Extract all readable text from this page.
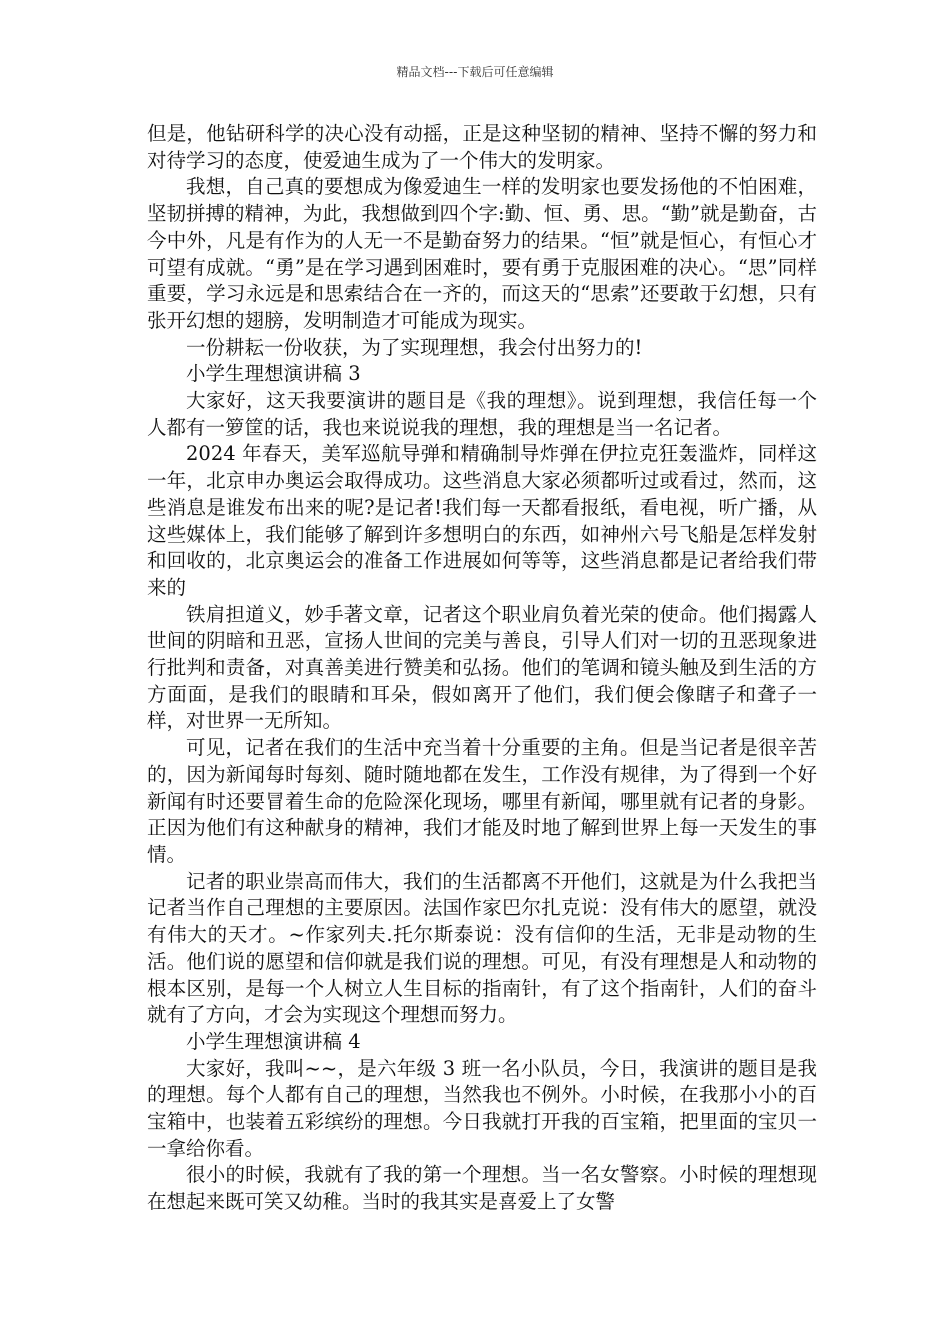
精品文档---下载后可任意编辑

但是，他钻研科学的决心没有动摇，正是这种坚韧的精神、坚持不懈的努力和对待学习的态度，使爱迪生成为了一个伟大的发明家。

我想，自己真的要想成为像爱迪生一样的发明家也要发扬他的不怕困难，坚韧拼搏的精神，为此，我想做到四个字:勤、恒、勇、思。“勤”就是勤奋，古今中外，凡是有作为的人无一不是勤奋努力的结果。“恒”就是恒心，有恒心才可望有成就。“勇”是在学习遇到困难时，要有勇于克服困难的决心。“思”同样重要，学习永远是和思索结合在一齐的，而这天的“思索”还要敢于幻想，只有张开幻想的翅膀，发明制造才可能成为现实。

一份耕耘一份收获，为了实现理想，我会付出努力的!

小学生理想演讲稿 3

大家好，这天我要演讲的题目是《我的理想》。说到理想，我信任每一个人都有一箩筐的话，我也来说说我的理想，我的理想是当一名记者。

2024 年春天，美军巡航导弹和精确制导炸弹在伊拉克狂轰滥炸，同样这一年，北京申办奥运会取得成功。这些消息大家必须都听过或看过，然而，这些消息是谁发布出来的呢?是记者!我们每一天都看报纸，看电视，听广播，从这些媒体上，我们能够了解到许多想明白的东西，如神州六号飞船是怎样发射和回收的，北京奥运会的准备工作进展如何等等，这些消息都是记者给我们带来的

铁肩担道义，妙手著文章，记者这个职业肩负着光荣的使命。他们揭露人世间的阴暗和丑恶，宣扬人世间的完美与善良，引导人们对一切的丑恶现象进行批判和责备，对真善美进行赞美和弘扬。他们的笔调和镜头触及到生活的方方面面，是我们的眼睛和耳朵，假如离开了他们，我们便会像瞎子和聋子一样，对世界一无所知。

可见，记者在我们的生活中充当着十分重要的主角。但是当记者是很辛苦的，因为新闻每时每刻、随时随地都在发生，工作没有规律，为了得到一个好新闻有时还要冒着生命的危险深化现场，哪里有新闻，哪里就有记者的身影。正因为他们有这种献身的精神，我们才能及时地了解到世界上每一天发生的事情。

记者的职业崇高而伟大，我们的生活都离不开他们，这就是为什么我把当记者当作自己理想的主要原因。法国作家巴尔扎克说：没有伟大的愿望，就没有伟大的天才。~作家列夫.托尔斯泰说：没有信仰的生活，无非是动物的生活。他们说的愿望和信仰就是我们说的理想。可见，有没有理想是人和动物的根本区别，是每一个人树立人生目标的指南针，有了这个指南针，人们的奋斗就有了方向，才会为实现这个理想而努力。

小学生理想演讲稿 4

大家好，我叫~~，是六年级 3 班一名小队员，今日，我演讲的题目是我的理想。每个人都有自己的理想，当然我也不例外。小时候，在我那小小的百宝箱中，也装着五彩缤纷的理想。今日我就打开我的百宝箱，把里面的宝贝一一拿给你看。

很小的时候，我就有了我的第一个理想。当一名女警察。小时候的理想现在想起来既可笑又幼稚。当时的我其实是喜爱上了女警
